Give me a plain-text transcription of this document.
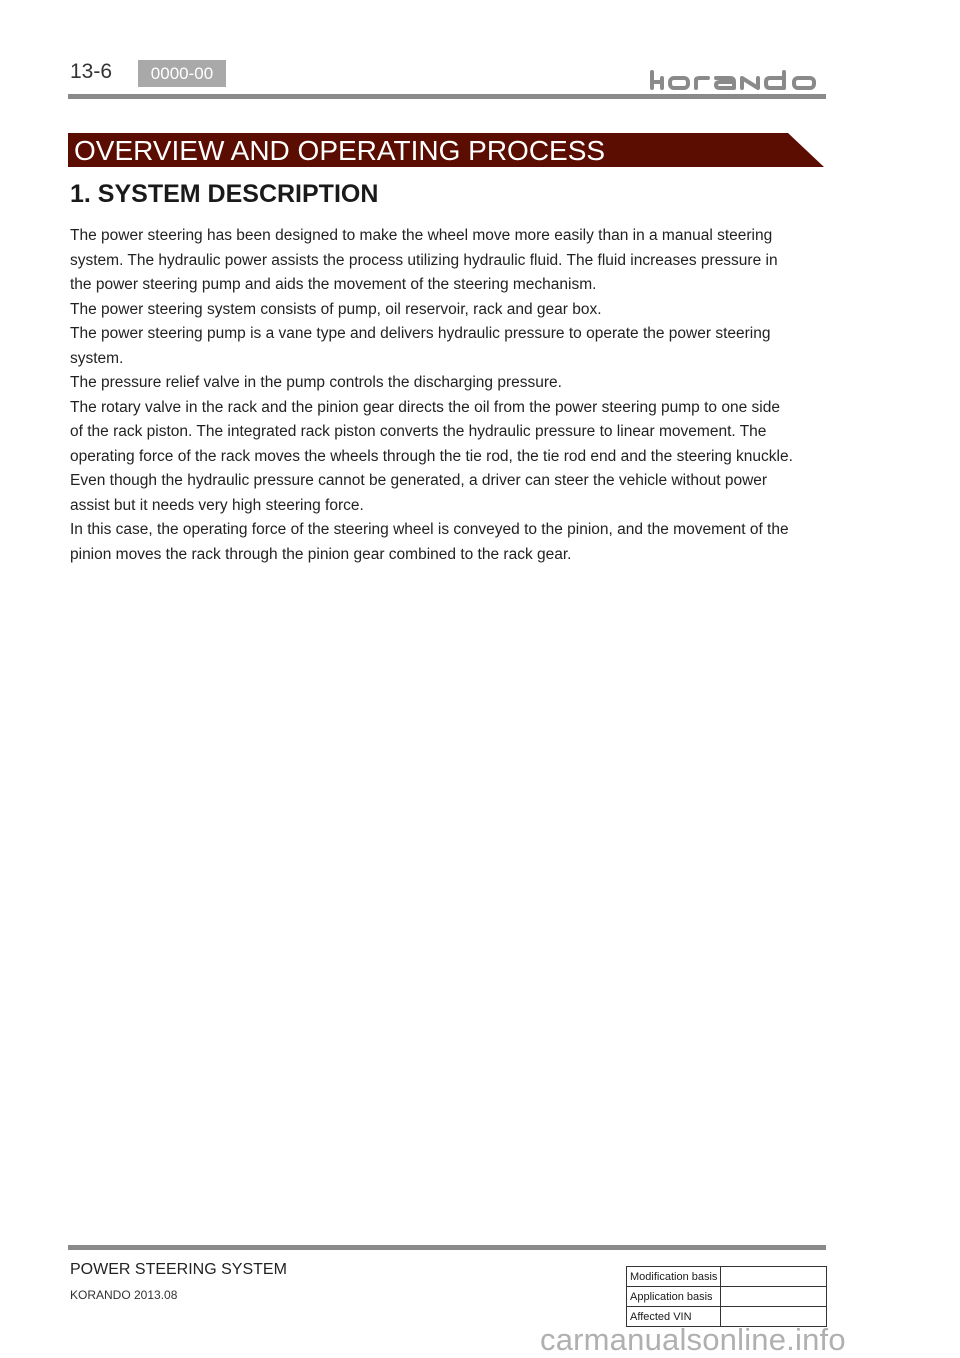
13-6	0000-00
OVERVIEW AND OPERATING PROCESS
1. SYSTEM DESCRIPTION

The power steering has been designed to make the wheel move more easily than in a manual steering

system. The hydraulic power assists the process utilizing hydraulic fluid. The fluid increases pressure in

the power steering pump and aids the movement of the steering mechanism.

The power steering system consists of pump, oil reservoir, rack and gear box.

The power steering pump is a vane type and delivers hydraulic pressure to operate the power steering

system.

The pressure relief valve in the pump controls the discharging pressure.

The rotary valve in the rack and the pinion gear directs the oil from the power steering pump to one side

of the rack piston. The integrated rack piston converts the hydraulic pressure to linear movement. The

operating force of the rack moves the wheels through the tie rod, the tie rod end and the steering knuckle.

Even though the hydraulic pressure cannot be generated, a driver can steer the vehicle without power

assist but it needs very high steering force.

In this case, the operating force of the steering wheel is conveyed to the pinion, and the movement of the

pinion moves the rack through the pinion gear combined to the rack gear.

POWER STEERING SYSTEM
KORANDO 2013.08
Modification basis	
Application basis	
Affected VIN	
carmanualsonline.info
